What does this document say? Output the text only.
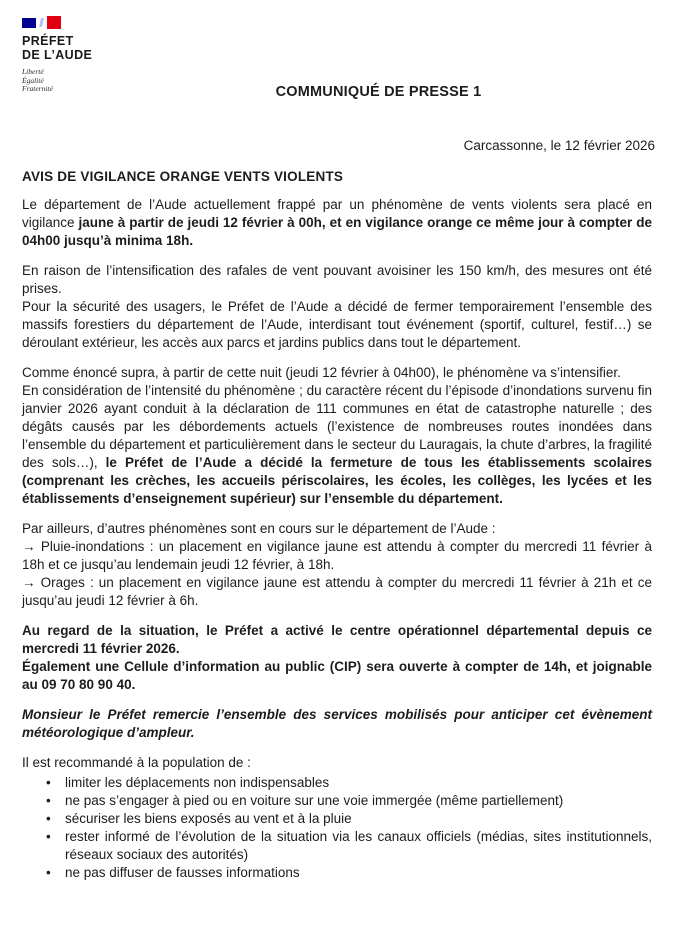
PRÉFET
DE L’AUDE
Liberté
Égalité
Fraternité	COMMUNIQUÉ DE PRESSE 1
Carcassonne, le 12 février 2026
AVIS DE VIGILANCE ORANGE VENTS VIOLENTS

Le département de l’Aude actuellement frappé par un phénomène de vents violents sera placé en vigilance jaune à partir de jeudi 12 février à 00h, et en vigilance orange ce même jour à compter de 04h00 jusqu’à minima 18h.

En raison de l’intensification des rafales de vent pouvant avoisiner les 150 km/h, des mesures ont été prises.
Pour la sécurité des usagers, le Préfet de l’Aude a décidé de fermer temporairement l’ensemble des massifs forestiers du département de l’Aude, interdisant tout événement (sportif, culturel, festif…) se déroulant extérieur, les accès aux parcs et jardins publics dans tout le département.

Comme énoncé supra, à partir de cette nuit (jeudi 12 février à 04h00), le phénomène va s’intensifier.
En considération de l’intensité du phénomène ; du caractère récent du l’épisode d’inondations survenu fin janvier 2026 ayant conduit à la déclaration de 111 communes en état de catastrophe naturelle ; des dégâts causés par les débordements actuels (l’existence de nombreuses routes inondées dans l’ensemble du département et particulièrement dans le secteur du Lauragais, la chute d’arbres, la fragilité des sols…), le Préfet de l’Aude a décidé la fermeture de tous les établissements scolaires (comprenant les crèches, les accueils périscolaires, les écoles, les collèges, les lycées et les établissements d’enseignement supérieur) sur l’ensemble du département.

Par ailleurs, d’autres phénomènes sont en cours sur le département de l’Aude :
→ Pluie-inondations : un placement en vigilance jaune est attendu à compter du mercredi 11 février à 18h et ce jusqu’au lendemain jeudi 12 février, à 18h.
→ Orages : un placement en vigilance jaune est attendu à compter du mercredi 11 février à 21h et ce jusqu’au jeudi 12 février à 6h.

Au regard de la situation, le Préfet a activé le centre opérationnel départemental depuis ce mercredi 11 février 2026.
Également une Cellule d’information au public (CIP) sera ouverte à compter de 14h, et joignable au 09 70 80 90 40.

Monsieur le Préfet remercie l’ensemble des services mobilisés pour anticiper cet évènement météorologique d’ampleur.

Il est recommandé à la population de :

• limiter les déplacements non indispensables
• ne pas s’engager à pied ou en voiture sur une voie immergée (même partiellement)
• sécuriser les biens exposés au vent et à la pluie
• rester informé de l’évolution de la situation via les canaux officiels (médias, sites institutionnels, réseaux sociaux des autorités)
• ne pas diffuser de fausses informations
